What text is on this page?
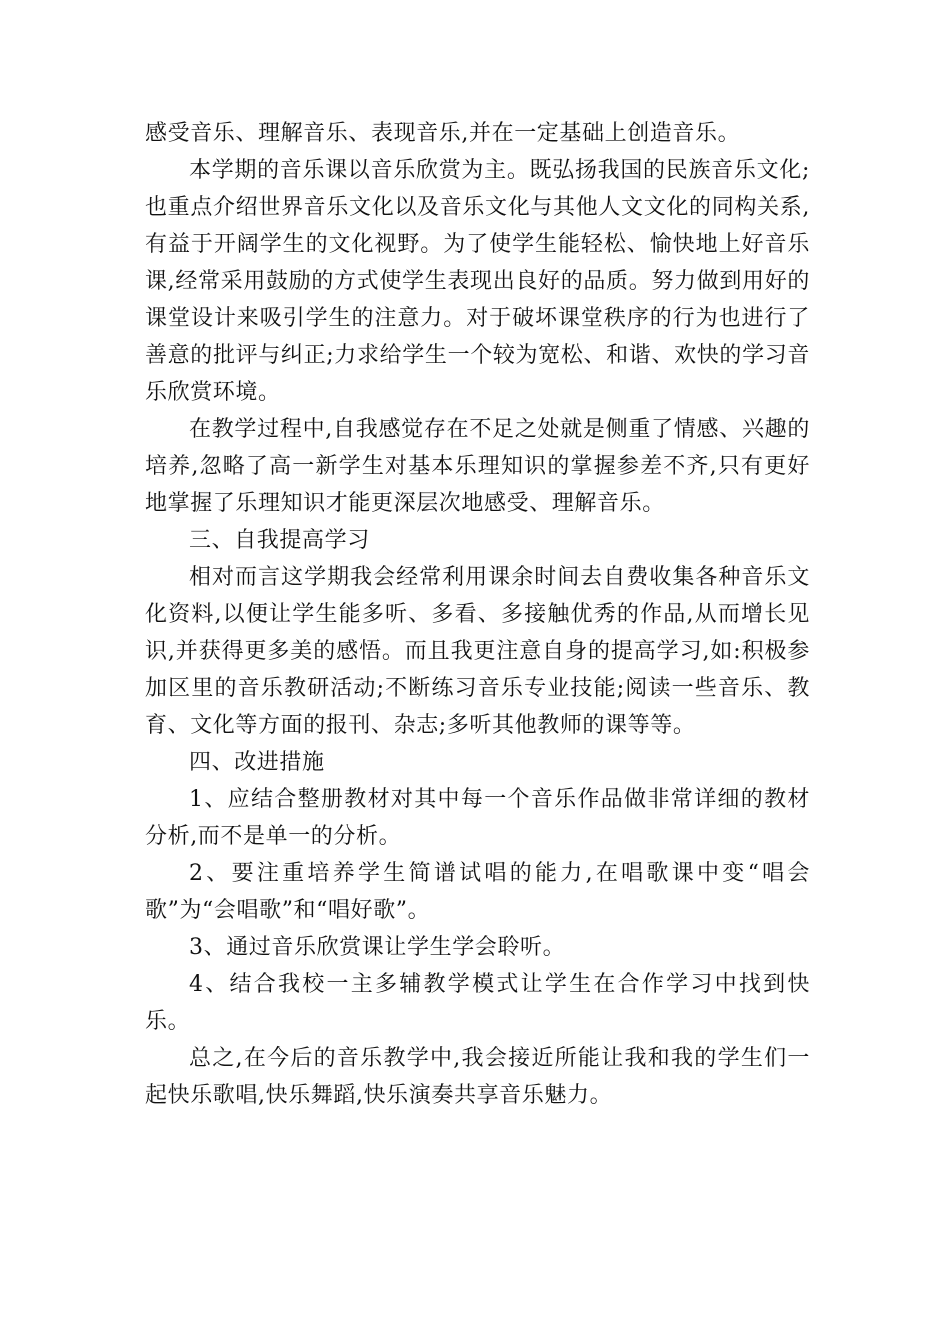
感受音乐、理解音乐、表现音乐,并在一定基础上创造音乐。

本学期的音乐课以音乐欣赏为主。既弘扬我国的民族音乐文化;也重点介绍世界音乐文化以及音乐文化与其他人文文化的同构关系,有益于开阔学生的文化视野。为了使学生能轻松、愉快地上好音乐课,经常采用鼓励的方式使学生表现出良好的品质。努力做到用好的课堂设计来吸引学生的注意力。对于破坏课堂秩序的行为也进行了善意的批评与纠正;力求给学生一个较为宽松、和谐、欢快的学习音乐欣赏环境。

在教学过程中,自我感觉存在不足之处就是侧重了情感、兴趣的培养,忽略了高一新学生对基本乐理知识的掌握参差不齐,只有更好地掌握了乐理知识才能更深层次地感受、理解音乐。

三、自我提高学习

相对而言这学期我会经常利用课余时间去自费收集各种音乐文化资料,以便让学生能多听、多看、多接触优秀的作品,从而增长见识,并获得更多美的感悟。而且我更注意自身的提高学习,如:积极参加区里的音乐教研活动;不断练习音乐专业技能;阅读一些音乐、教育、文化等方面的报刊、杂志;多听其他教师的课等等。

四、改进措施

1、应结合整册教材对其中每一个音乐作品做非常详细的教材分析,而不是单一的分析。

2、要注重培养学生简谱试唱的能力,在唱歌课中变“唱会歌”为“会唱歌”和“唱好歌”。

3、通过音乐欣赏课让学生学会聆听。

4、结合我校一主多辅教学模式让学生在合作学习中找到快乐。

总之,在今后的音乐教学中,我会接近所能让我和我的学生们一起快乐歌唱,快乐舞蹈,快乐演奏共享音乐魅力。
